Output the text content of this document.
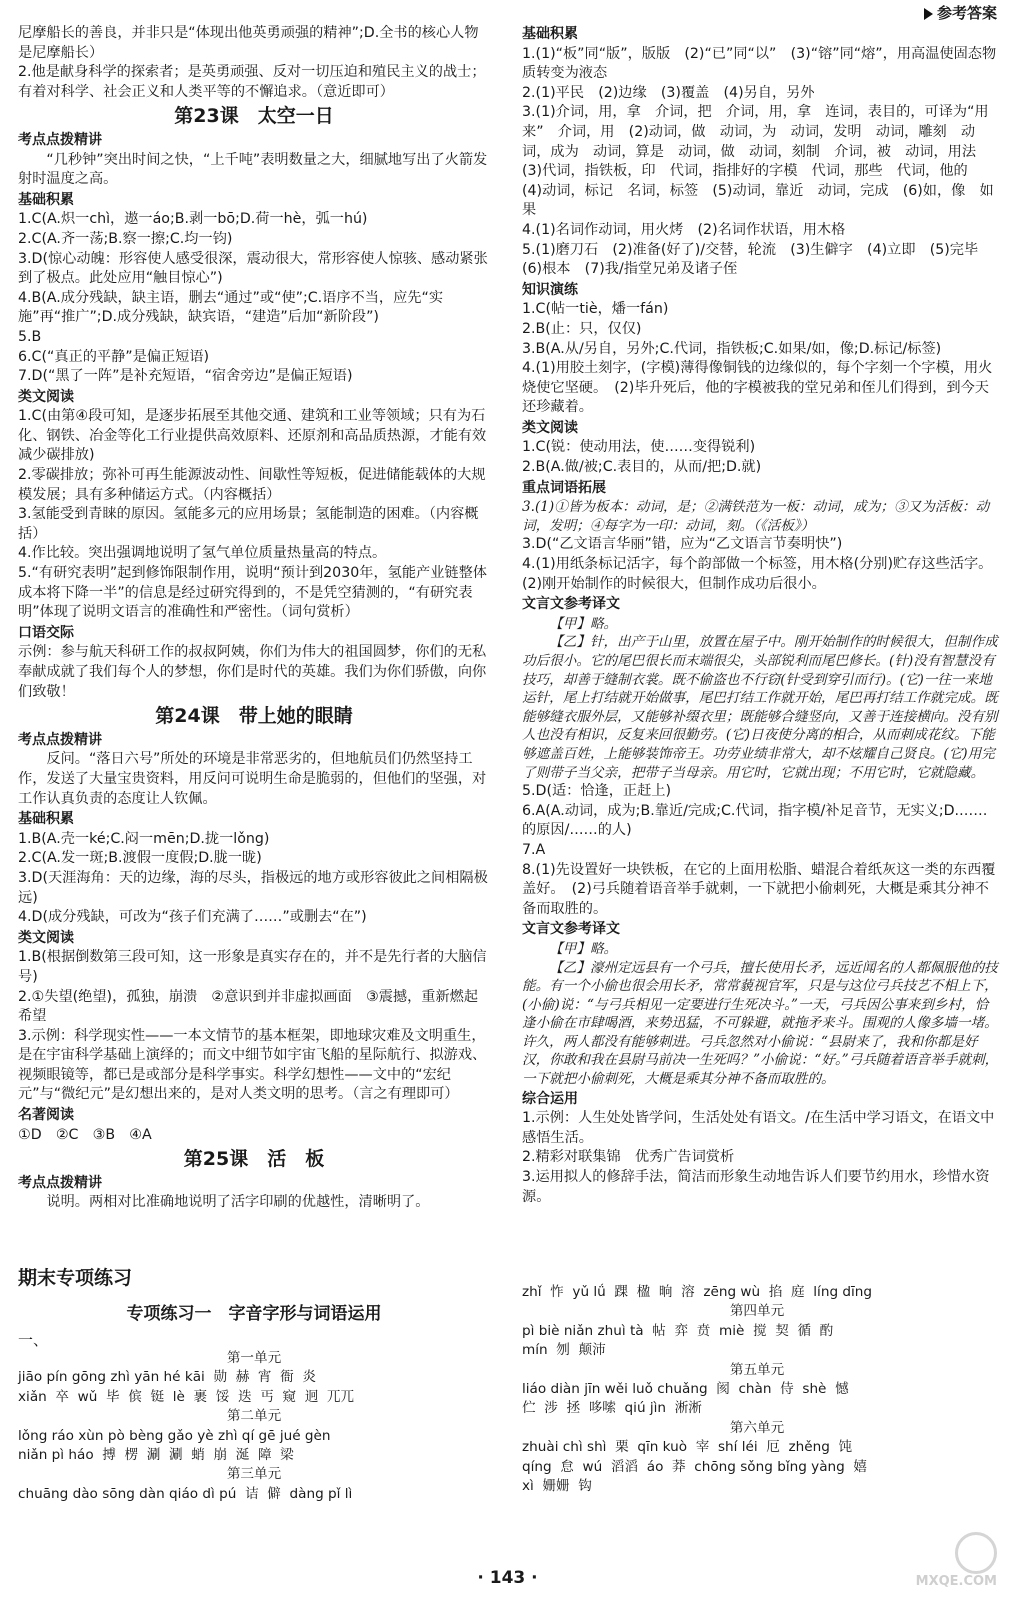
参考答案

尼摩船长的善良，并非只是“体现出他英勇顽强的精神”;D.全书的核心人物是尼摩船长）

2.他是献身科学的探索者；是英勇顽强、反对一切压迫和殖民主义的战士；有着对科学、社会正义和人类平等的不懈追求。（意近即可）

第23课　太空一日

考点点拨精讲

“几秒钟”突出时间之快，“上千吨”表明数量之大，细腻地写出了火箭发射时温度之高。

基础积累

1.C(A.炽一chì，遨一áo;B.剥一bō;D.荷一hè，弧一hú)

2.C(A.齐一荡;B.察一擦;C.均一钧)

3.D(惊心动魄：形容使人感受很深，震动很大，常形容使人惊骇、感动紧张到了极点。此处应用“触目惊心”)

4.B(A.成分残缺，缺主语，删去“通过”或“使”;C.语序不当，应先“实施”再“推广”;D.成分残缺，缺宾语，“建造”后加“新阶段”)

5.B

6.C(“真正的平静”是偏正短语)

7.D(“黑了一阵”是补充短语，“宿舍旁边”是偏正短语)

类文阅读

1.C(由第④段可知，是逐步拓展至其他交通、建筑和工业等领域；只有为石化、钢铁、冶金等化工行业提供高效原料、还原剂和高品质热源，才能有效减少碳排放)

2.零碳排放；弥补可再生能源波动性、间歇性等短板，促进储能载体的大规模发展；具有多种储运方式。（内容概括）

3.氢能受到青睐的原因。氢能多元的应用场景；氢能制造的困难。（内容概括）

4.作比较。突出强调地说明了氢气单位质量热量高的特点。

5.“有研究表明”起到修饰限制作用，说明“预计到2030年，氢能产业链整体成本将下降一半”的信息是经过研究得到的，不是凭空猜测的，“有研究表明”体现了说明文语言的准确性和严密性。（词句赏析）

口语交际

示例：参与航天科研工作的叔叔阿姨，你们为伟大的祖国圆梦，你们的无私奉献成就了我们每个人的梦想，你们是时代的英雄。我们为你们骄傲，向你们致敬！

第24课　带上她的眼睛

考点点拨精讲

反问。“落日六号”所处的环境是非常恶劣的，但地航员们仍然坚持工作，发送了大量宝贵资料，用反问可说明生命是脆弱的，但他们的坚强，对工作认真负责的态度让人钦佩。

基础积累

1.B(A.壳一ké;C.闷一mēn;D.拢一lǒng)

2.C(A.发一斑;B.渡假一度假;D.胧一昽)

3.D(天涯海角：天的边缘，海的尽头，指极远的地方或形容彼此之间相隔极远)

4.D(成分残缺，可改为“孩子们充满了……”或删去“在”)

类文阅读

1.B(根据倒数第三段可知，这一形象是真实存在的，并不是先行者的大脑信号)

2.①失望(绝望)，孤独，崩溃　②意识到并非虚拟画面　③震撼，重新燃起希望

3.示例：科学现实性——一本文情节的基本框架，即地球灾难及文明重生，是在宇宙科学基础上演绎的；而文中细节如宇宙飞船的星际航行、拟游戏、视频眼镜等，都已是或部分是科学事实。科学幻想性——文中的“宏纪元”与“微纪元”是幻想出来的，是对人类文明的思考。（言之有理即可）

名著阅读

①D　②C　③B　④A

第25课　活　板

考点点拨精讲

说明。两相对比准确地说明了活字印刷的优越性，清晰明了。

基础积累

1.(1)“板”同“版”，版版　(2)“已”同“以”　(3)“镕”同“熔”，用高温使固态物质转变为液态

2.(1)平民　(2)边缘　(3)覆盖　(4)另自，另外

3.(1)介词，用，拿　介词，把　介词，用，拿　连词，表目的，可译为“用来”　介词，用　(2)动词，做　动词，为　动词，发明　动词，雕刻　动词，成为　动词，算是　动词，做　动词，刻制　介词，被　动词，用法　(3)代词，指铁板，印　代词，指排好的字模　代词，那些　代词，他的　(4)动词，标记　名词，标签　(5)动词，靠近　动词，完成　(6)如，像　如果

4.(1)名词作动词，用火烤　(2)名词作状语，用木格

5.(1)磨刀石　(2)准备(好了)/交替，轮流　(3)生僻字　(4)立即　(5)完毕　(6)根本　(7)我/指堂兄弟及诸子侄

知识演练

1.C(帖一tiè，燔一fán)

2.B(止：只，仅仅)

3.B(A.从/另自，另外;C.代词，指铁板;C.如果/如，像;D.标记/标签)

4.(1)用胶土刻字，(字模)薄得像铜钱的边缘似的，每个字刻一个字模，用火烧使它坚硬。　(2)毕升死后，他的字模被我的堂兄弟和侄儿们得到，到今天还珍藏着。

类文阅读

1.C(锐：使动用法，使……变得锐利)

2.B(A.做/被;C.表目的，从而/把;D.就)

重点词语拓展

3.(1)①皆为板本：动词，是；②满铁范为一板：动词，成为；③又为活板：动词，发明；④每字为一印：动词，刻。（《活板》）

3.D(“乙文语言华丽”错，应为“乙文语言节奏明快”)

4.(1)用纸条标记活字，每个韵部做一个标签，用木格(分别)贮存这些活字。　(2)刚开始制作的时候很大，但制作成功后很小。

文言文参考译文

【甲】略。

【乙】针，出产于山里，放置在屋子中。刚开始制作的时候很大，但制作成功后很小。它的尾巴很长而末端很尖，头部锐利而尾巴修长。(针)没有智慧没有技巧，却善于缝制衣裳。既不偷盗也不行窃(针受到穿引而行)。(它)一往一来地运针，尾上打结就开始做事，尾巴打结工作就开始，尾巴再打结工作就完成。既能够缝衣服外层，又能够补缀衣里；既能够合缝竖向，又善于连接横向。没有别人也没有相识，反复来回很勤劳。(它)日夜使分离的相合，从而刺成花纹。下能够遮盖百姓，上能够装饰帝王。功劳业绩非常大，却不炫耀自己贤良。(它)用完了则带子当父亲，把带子当母亲。用它时，它就出现；不用它时，它就隐藏。

5.D(适：恰逢，正赶上)

6.A(A.动词，成为;B.靠近/完成;C.代词，指字模/补足音节，无实义;D.……的原因/……的人)

7.A

8.(1)先设置好一块铁板，在它的上面用松脂、蜡混合着纸灰这一类的东西覆盖好。　(2)弓兵随着语音举手就刺，一下就把小偷刺死，大概是乘其分神不备而取胜的。

文言文参考译文

【甲】略。

【乙】濠州定远县有一个弓兵，擅长使用长矛，远近闻名的人都佩服他的技能。有一个小偷也很会用长矛，常常藐视官军，只是与这位弓兵技艺不相上下，(小偷)说：“与弓兵相见一定要进行生死决斗。”一天，弓兵因公事来到乡村，恰逢小偷在市肆喝酒，来势迅猛，不可躲避，就拖矛来斗。围观的人像多墙一堵。许久，两人都没有能够刺进。弓兵忽然对小偷说：“县尉来了，我和你都是好汉，你敢和我在县尉马前决一生死吗？”小偷说：“好。”弓兵随着语音举手就刺，一下就把小偷刺死，大概是乘其分神不备而取胜的。

综合运用

1.示例：人生处处皆学问，生活处处有语文。/在生活中学习语文，在语文中感悟生活。

2.精彩对联集锦　优秀广告词赏析

3.运用拟人的修辞手法，简洁而形象生动地告诉人们要节约用水，珍惜水资源。

期末专项练习
专项练习一　字音字形与词语运用
一、
第一单元
jiāo pín gōng zhì yān hé kāi  勋  赫  宵  衙  炎
xiǎn  卒  wǔ  毕  傧  铤  lè  裹  馁  迭  丐  窥  迥  兀兀
第二单元
lǒng ráo xùn pò bèng gǎo yè zhì qí gē jué gèn
niǎn pì háo  搏  楞  涮  涮  蛸  崩  涎  障  梁
第三单元
chuāng dào sōng dàn qiáo dì pú  诘  僻  dàng pǐ lì
zhǐ  怍  yǔ lǘ  踝  楹  晌  溶  zēng wù  掐  庭  líng dīng
第四单元
pì biè niǎn zhuì tà  帖  弈  贲  miè  搅  契  循  酌
mín  刎  颠沛
第五单元
liáo diàn jīn wěi luǒ chuǎng  阂  chàn  侍  shè  憾
伫  涉  拯  哆嗦  qiú jìn  淅淅
第六单元
zhuài chì shì  栗  qīn kuò  宰  shí léi  厄  zhěng  饨
qíng  怠  wú  滔滔  áo  莽  chōng sǒng bǐng yàng  嬉
xì  姗姗  钩
MXQE.COM
· 143 ·
